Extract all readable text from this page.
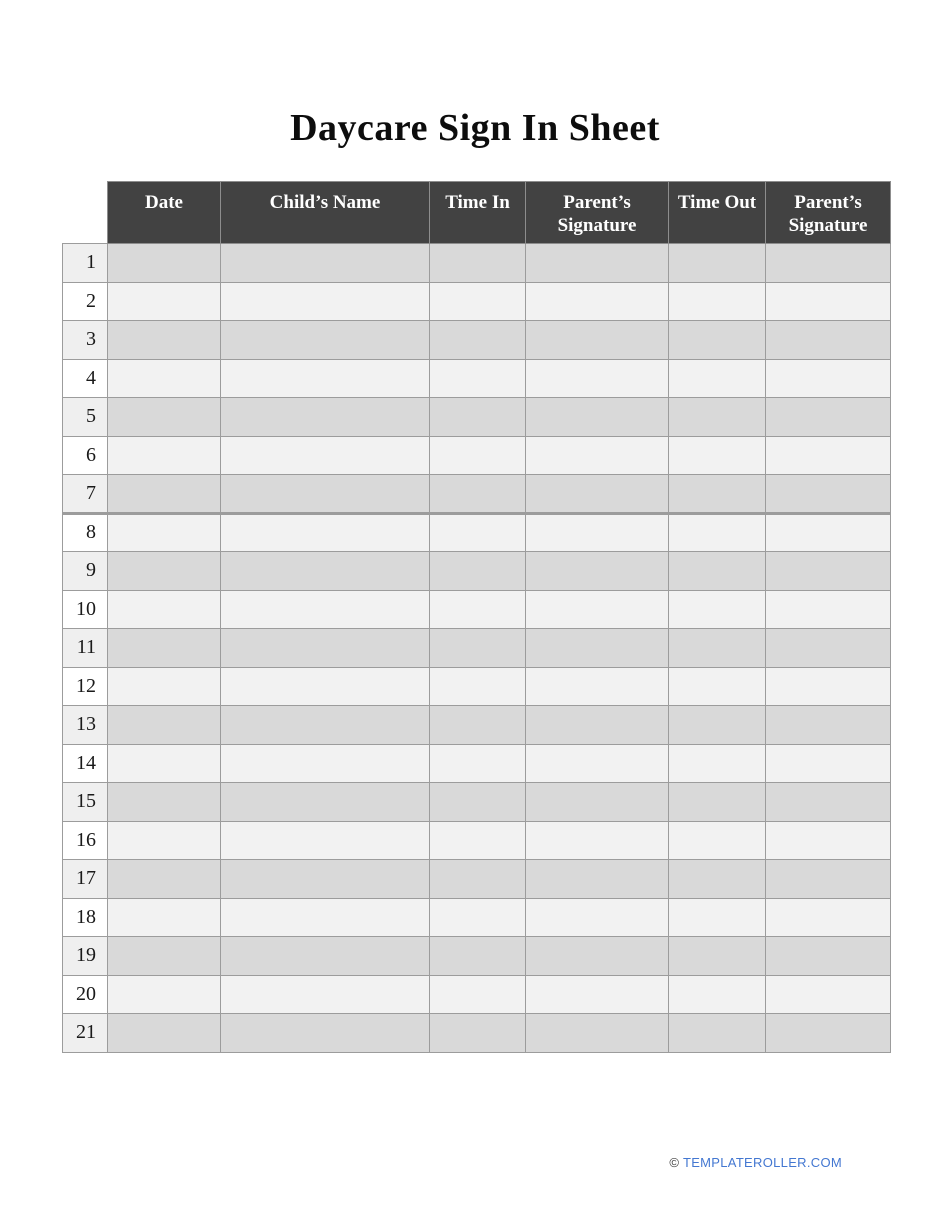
Daycare Sign In Sheet
	Date	Child’s Name	Time In	Parent’s Signature	Time Out	Parent’s Signature
1						
2						
3						
4						
5						
6						
7						
8						
9						
10						
11						
12						
13						
14						
15						
16						
17						
18						
19						
20						
21						
© TEMPLATEROLLER.COM
